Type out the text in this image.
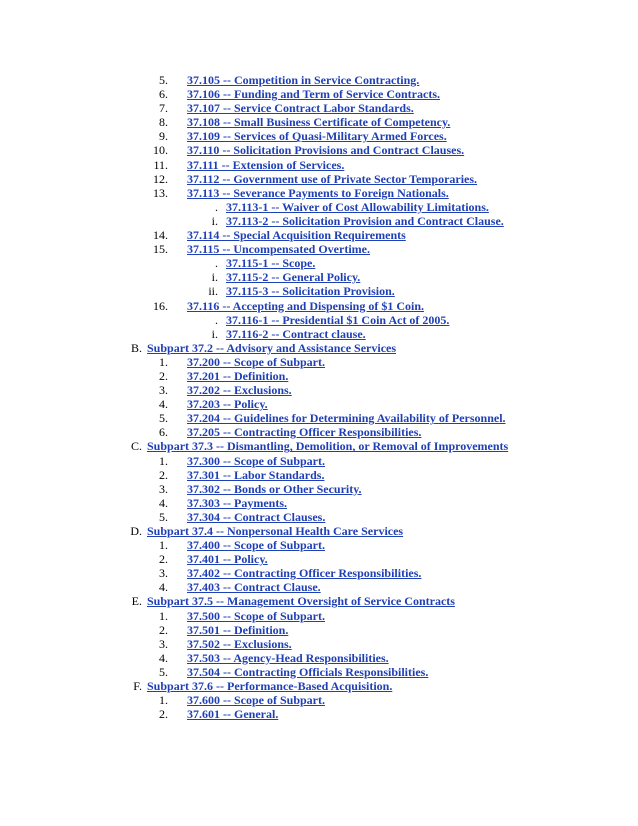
5. 37.105 -- Competition in Service Contracting.
6. 37.106 -- Funding and Term of Service Contracts.
7. 37.107 -- Service Contract Labor Standards.
8. 37.108 -- Small Business Certificate of Competency.
9. 37.109 -- Services of Quasi-Military Armed Forces.
10. 37.110 -- Solicitation Provisions and Contract Clauses.
11. 37.111 -- Extension of Services.
12. 37.112 -- Government use of Private Sector Temporaries.
13. 37.113 -- Severance Payments to Foreign Nationals.
. 37.113-1 -- Waiver of Cost Allowability Limitations.
i. 37.113-2 -- Solicitation Provision and Contract Clause.
14. 37.114 -- Special Acquisition Requirements
15. 37.115 -- Uncompensated Overtime.
. 37.115-1 -- Scope.
i. 37.115-2 -- General Policy.
ii. 37.115-3 -- Solicitation Provision.
16. 37.116 -- Accepting and Dispensing of $1 Coin.
. 37.116-1 -- Presidential $1 Coin Act of 2005.
i. 37.116-2 -- Contract clause.
B. Subpart 37.2 -- Advisory and Assistance Services
1. 37.200 -- Scope of Subpart.
2. 37.201 -- Definition.
3. 37.202 -- Exclusions.
4. 37.203 -- Policy.
5. 37.204 -- Guidelines for Determining Availability of Personnel.
6. 37.205 -- Contracting Officer Responsibilities.
C. Subpart 37.3 -- Dismantling, Demolition, or Removal of Improvements
1. 37.300 -- Scope of Subpart.
2. 37.301 -- Labor Standards.
3. 37.302 -- Bonds or Other Security.
4. 37.303 -- Payments.
5. 37.304 -- Contract Clauses.
D. Subpart 37.4 -- Nonpersonal Health Care Services
1. 37.400 -- Scope of Subpart.
2. 37.401 -- Policy.
3. 37.402 -- Contracting Officer Responsibilities.
4. 37.403 -- Contract Clause.
E. Subpart 37.5 -- Management Oversight of Service Contracts
1. 37.500 -- Scope of Subpart.
2. 37.501 -- Definition.
3. 37.502 -- Exclusions.
4. 37.503 -- Agency-Head Responsibilities.
5. 37.504 -- Contracting Officials Responsibilities.
F. Subpart 37.6 -- Performance-Based Acquisition.
1. 37.600 -- Scope of Subpart.
2. 37.601 -- General.
